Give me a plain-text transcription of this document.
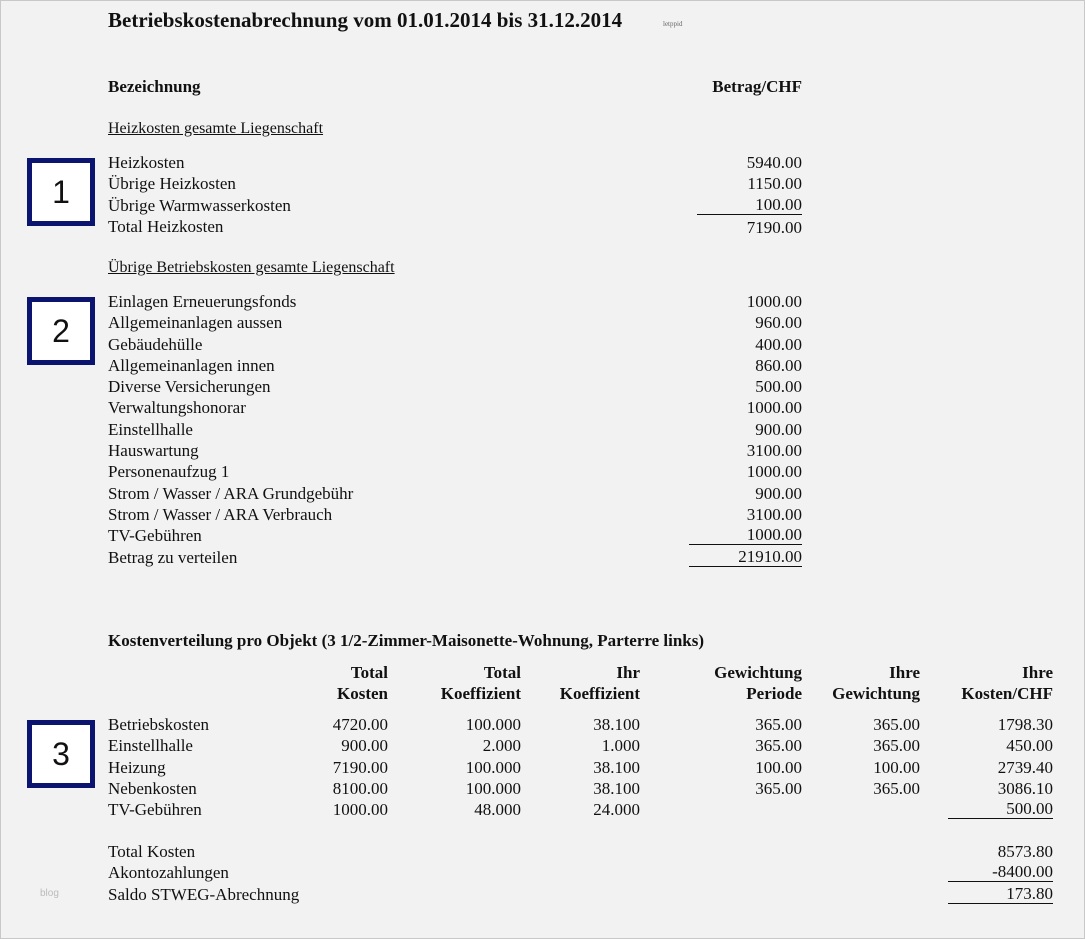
Betriebskostenabrechnung vom 01.01.2014 bis 31.12.2014	letppid
Bezeichnung	Betrag/CHF
Heizkosten gesamte Liegenschaft
1
Heizkosten
Übrige Heizkosten
Übrige Warmwasserkosten
Total Heizkosten
5940.00
1150.00
100.00
7190.00
Übrige Betriebskosten gesamte Liegenschaft
2
Einlagen Erneuerungsfonds
Allgemeinanlagen aussen
Gebäudehülle
Allgemeinanlagen innen
Diverse Versicherungen
Verwaltungshonorar
Einstellhalle
Hauswartung
Personenaufzug 1
Strom / Wasser / ARA Grundgebühr
Strom / Wasser / ARA Verbrauch
TV-Gebühren
Betrag zu verteilen
1000.00
960.00
400.00
860.00
500.00
1000.00
900.00
3100.00
1000.00
900.00
3100.00
1000.00
21910.00
Kostenverteilung pro Objekt (3 1/2-Zimmer-Maisonette-Wohnung, Parterre links)
Total
Kosten
Total
Koeffizient
Ihr
Koeffizient
Gewichtung
Periode
Ihre
Gewichtung
Ihre
Kosten/CHF
3
Betriebskosten
Einstellhalle
Heizung
Nebenkosten
TV-Gebühren
4720.00
900.00
7190.00
8100.00
1000.00
100.000
2.000
100.000
100.000
48.000
38.100
1.000
38.100
38.100
24.000
365.00
365.00
100.00
365.00

365.00
365.00
100.00
365.00

1798.30
450.00
2739.40
3086.10
500.00
Total Kosten
Akontozahlungen
Saldo STWEG-Abrechnung
8573.80
-8400.00
173.80
blog
